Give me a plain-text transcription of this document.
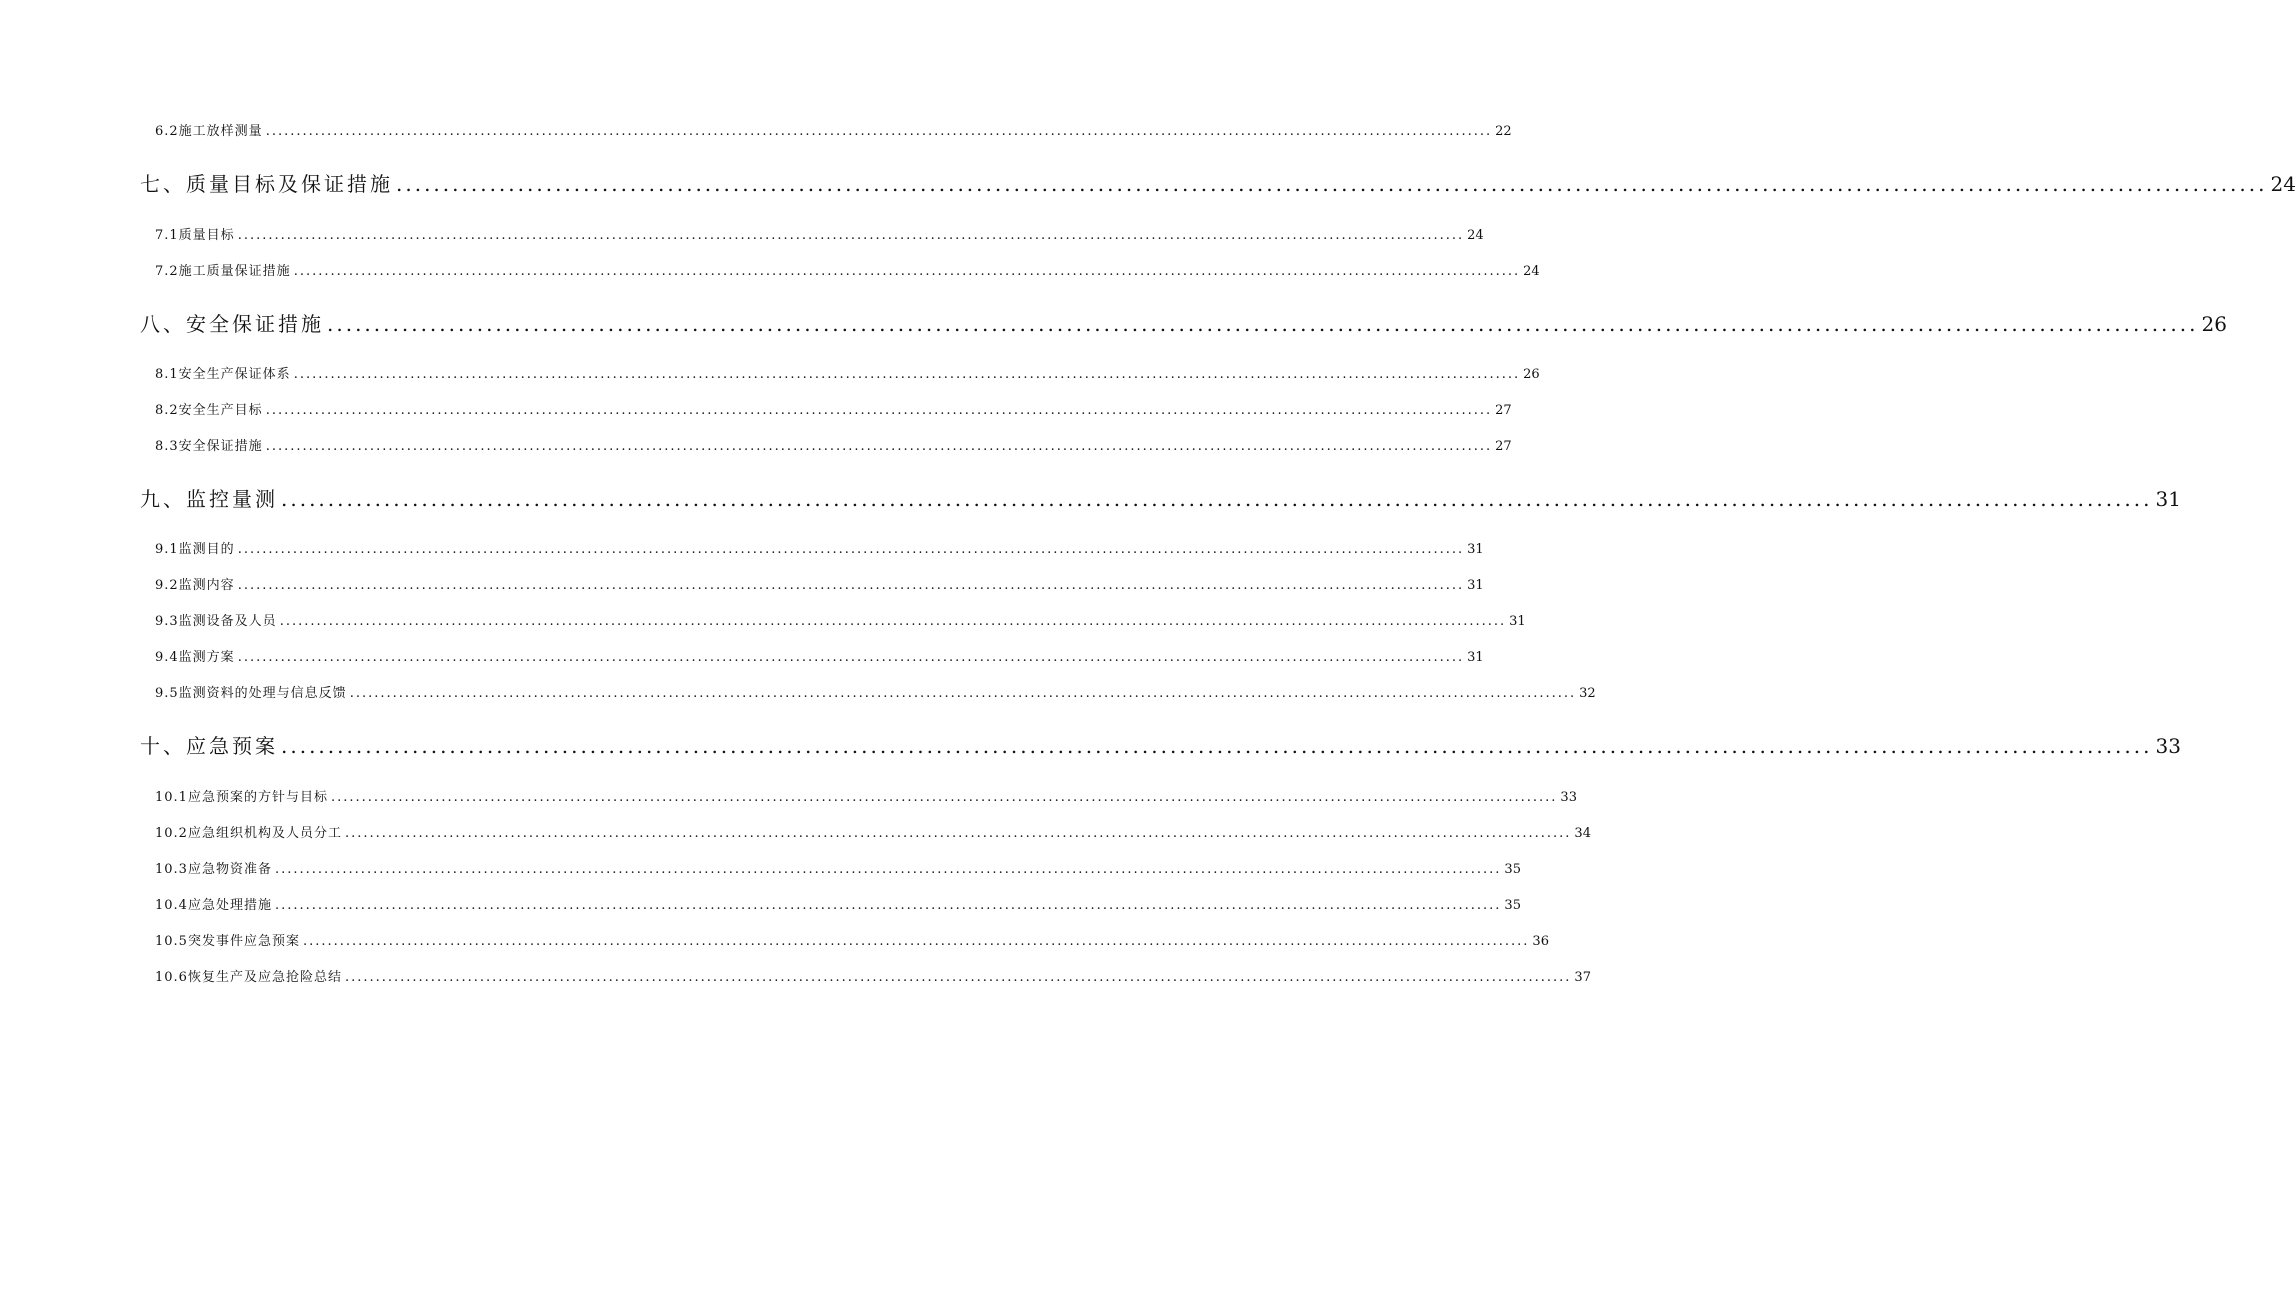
6.2施工放样测量 ........................................................................................................................................................................................................ 22
七、质量目标及保证措施 ........................................................................................................................................................................................................ 24
7.1质量目标 ........................................................................................................................................................................................................ 24
7.2施工质量保证措施 ........................................................................................................................................................................................................ 24
八、安全保证措施 ........................................................................................................................................................................................................ 26
8.1安全生产保证体系 ........................................................................................................................................................................................................ 26
8.2安全生产目标 ........................................................................................................................................................................................................ 27
8.3安全保证措施 ........................................................................................................................................................................................................ 27
九、监控量测 ........................................................................................................................................................................................................ 31
9.1监测目的 ........................................................................................................................................................................................................ 31
9.2监测内容 ........................................................................................................................................................................................................ 31
9.3监测设备及人员 ........................................................................................................................................................................................................ 31
9.4监测方案 ........................................................................................................................................................................................................ 31
9.5监测资料的处理与信息反馈 ........................................................................................................................................................................................................ 32
十、应急预案 ........................................................................................................................................................................................................ 33
10.1应急预案的方针与目标 ........................................................................................................................................................................................................ 33
10.2应急组织机构及人员分工 ........................................................................................................................................................................................................ 34
10.3应急物资准备 ........................................................................................................................................................................................................ 35
10.4应急处理措施 ........................................................................................................................................................................................................ 35
10.5突发事件应急预案 ........................................................................................................................................................................................................ 36
10.6恢复生产及应急抢险总结 ........................................................................................................................................................................................................ 37
